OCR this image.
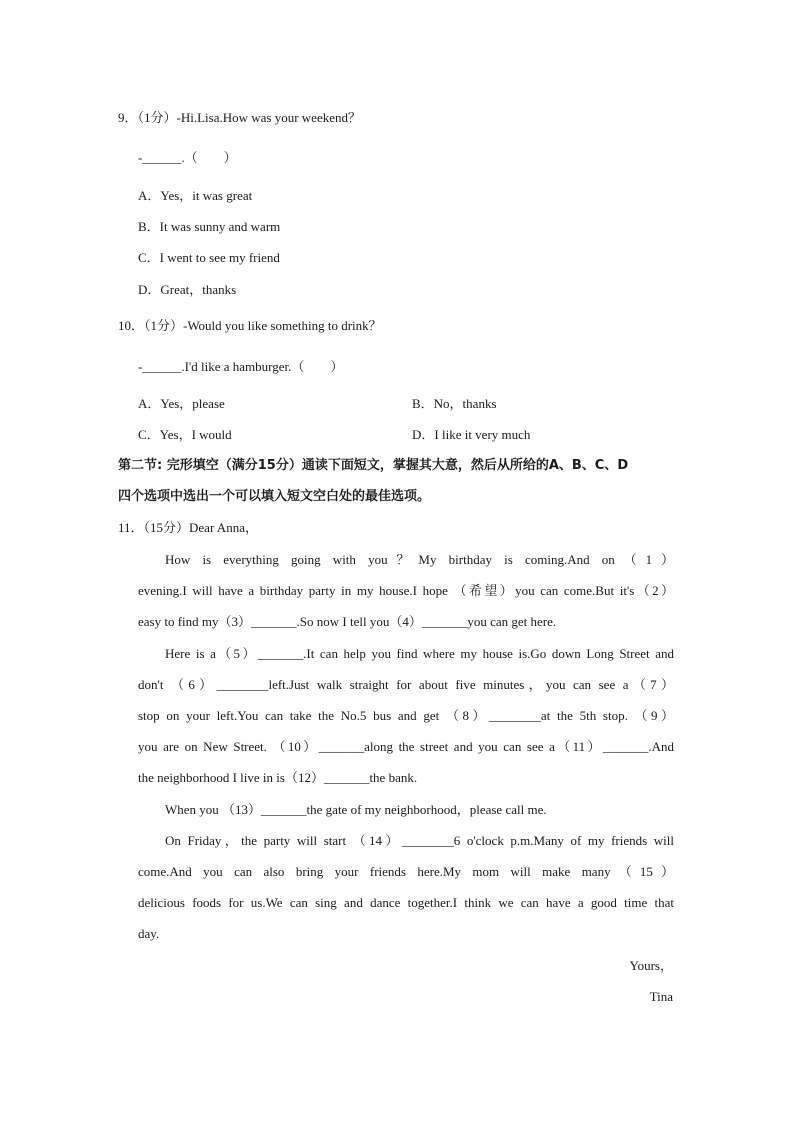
9．（1分）-Hi.Lisa.How was your weekend？
-______.（　　）
A．Yes，it was great
B．It was sunny and warm
C．I went to see my friend
D．Great，thanks
10．（1分）-Would you like something to drink？
-______.I'd like a hamburger.（　　）
A．Yes，please	B．No，thanks
C．Yes，I would	D．I like it very much
第二节: 完形填空（满分15分）通读下面短文，掌握其大意，然后从所给的A、B、C、D
四个选项中选出一个可以填入短文空白处的最佳选项。
11．（15分）Dear Anna，
How is everything going with you？My birthday is coming.And on（1）
evening.I will have a birthday party in my house.I hope （希望）you can come.But it's（2）
easy to find my（3）_______.So now I tell you（4）_______you can get here.
Here is a（5）_______.It can help you find where my house is.Go down Long Street and
don't （6）________left.Just walk straight for about five minutes，you can see a（7）
stop on your left.You can take the No.5 bus and get （8）________at the 5th stop. （9）
you are on New Street. （10）_______along the street and you can see a（11）_______.And
the neighborhood I live in is（12）_______the bank.
When you （13）_______the gate of my neighborhood，please call me.
On Friday，the party will start （14）________6 o'clock p.m.Many of my friends will
come.And you can also bring your friends here.My mom will make many（15）
delicious foods for us.We can sing and dance together.I think we can have a good time that
day.
Yours，
Tina
